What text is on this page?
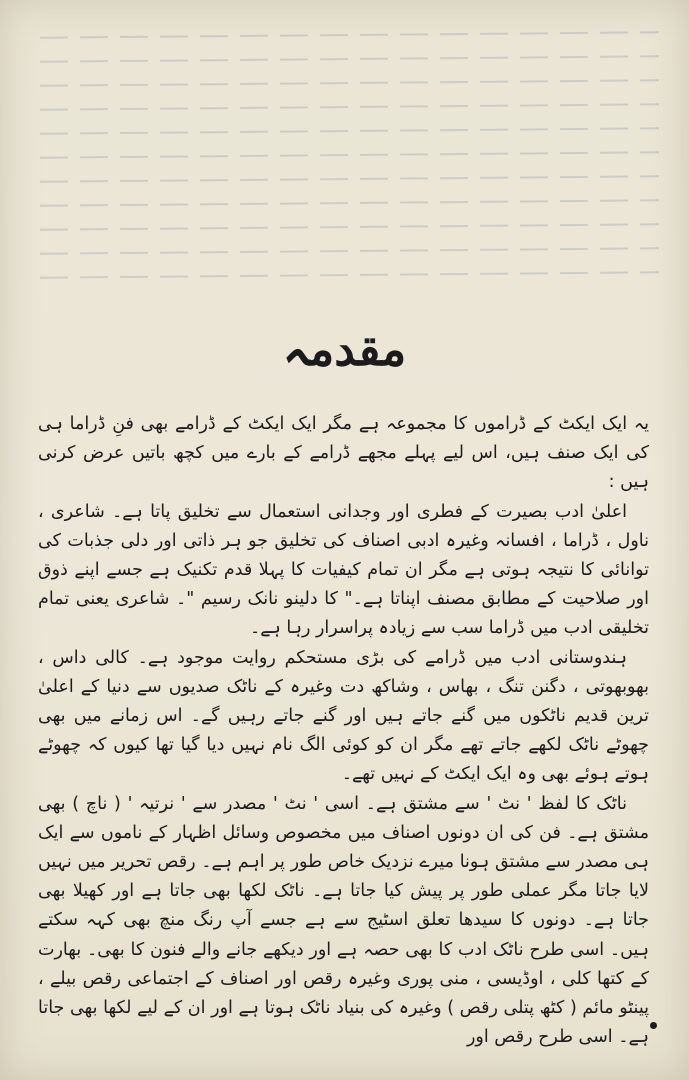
مقدمہ

یہ ایک ایکٹ کے ڈراموں کا مجموعہ ہے مگر ایک ایکٹ کے ڈرامے بھی فنِ ڈراما ہی کی ایک صنف ہیں، اس لیے پہلے مجھے ڈرامے کے بارے میں کچھ باتیں عرض کرنی ہیں :

اعلیٰ ادب بصیرت کے فطری اور وجدانی استعمال سے تخلیق پاتا ہے۔ شاعری ، ناول ، ڈراما ، افسانہ وغیرہ ادبی اصناف کی تخلیق جو ہر ذاتی اور دلی جذبات کی توانائی کا نتیجہ ہوتی ہے مگر ان تمام کیفیات کا پہلا قدم تکنیک ہے جسے اپنے ذوق اور صلاحیت کے مطابق مصنف اپناتا ہے۔" کا دلینو نانک رسیم "۔ شاعری یعنی تمام تخلیقی ادب میں ڈراما سب سے زیادہ پراسرار رہا ہے۔

ہندوستانی ادب میں ڈرامے کی بڑی مستحکم روایت موجود ہے۔ کالی داس ، بھوبھوتی ، دگنن تنگ ، بھاس ، وشاکھ دت وغیرہ کے ناٹک صدیوں سے دنیا کے اعلیٰ ترین قدیم ناٹکوں میں گنے جاتے ہیں اور گنے جاتے رہیں گے۔ اس زمانے میں بھی چھوٹے ناٹک لکھے جاتے تھے مگر ان کو کوئی الگ نام نہیں دیا گیا تھا کیوں کہ چھوٹے ہوتے ہوئے بھی وہ ایک ایکٹ کے نہیں تھے۔

ناٹک کا لفظ ' نٹ ' سے مشتق ہے۔ اسی ' نٹ ' مصدر سے ' نرتیہ ' ( ناچ ) بھی مشتق ہے۔ فن کی ان دونوں اصناف میں مخصوص وسائل اظہار کے ناموں سے ایک ہی مصدر سے مشتق ہونا میرے نزدیک خاص طور پر اہم ہے۔ رقص تحریر میں نہیں لایا جاتا مگر عملی طور پر پیش کیا جاتا ہے۔ ناٹک لکھا بھی جاتا ہے اور کھیلا بھی جاتا ہے۔ دونوں کا سیدھا تعلق اسٹیج سے ہے جسے آپ رنگ منچ بھی کہہ سکتے ہیں۔ اسی طرح ناٹک ادب کا بھی حصہ ہے اور دیکھے جانے والے فنون کا بھی۔ بھارت کے کتھا کلی ، اوڈیسی ، منی پوری وغیرہ رقص اور اصناف کے اجتماعی رقص بیلے ، پینٹو مائم ( کٹھ پتلی رقص ) وغیرہ کی بنیاد ناٹک ہوتا ہے اور ان کے لیے لکھا بھی جاتا ہے۔ اسی طرح رقص اور
